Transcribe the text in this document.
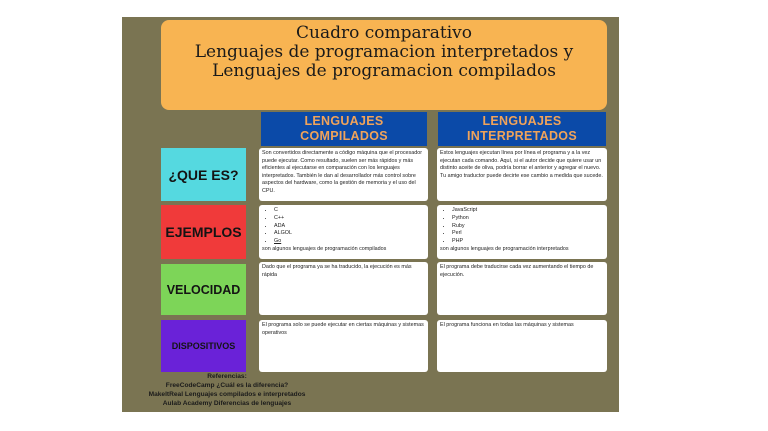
Cuadro comparativo
Lenguajes de programacion interpretados y
Lenguajes de programacion compilados
LENGUAJES
COMPILADOS
LENGUAJES
INTERPRETADOS
¿QUE ES?
Son convertidos directamente a código máquina que el procesador puede ejecutar. Como resultado, suelen ser más rápidos y más eficientes al ejecutarse en comparación con los lenguajes interpretados. También le dan al desarrollador más control sobre aspectos del hardware, como la gestión de memoria y el uso del CPU.
Estos lenguajes ejecutan línea por línea el programa y a la vez ejecutan cada comando. Aquí, si el autor decide que quiere usar un distinto aceite de oliva, podría borrar el anterior y agregar el nuevo. Tu amigo traductor puede decirte ese cambio a medida que sucede.
EJEMPLOS
• C
• C++
• ADA
• ALGOL
• Go
son algunos lenguajes de programación compilados
• JavaScript
• Python
• Ruby
• Perl
• PHP
son algunos lenguajes de programación interpretados
VELOCIDAD
Dado que el programa ya se ha traducido, la ejecución es más rápida
El programa debe traducirse cada vez aumentando el tiempo de ejecución.
DISPOSITIVOS
El programa solo se puede ejecutar en ciertas máquinas y sistemas operativos
El programa funciona en todas las máquinas y sistemas
Referencias:
FreeCodeCamp ¿Cuál es la diferencia?
MakeItReal Lenguajes compilados e interpretados
Aulab Academy Diferencias de lenguajes
